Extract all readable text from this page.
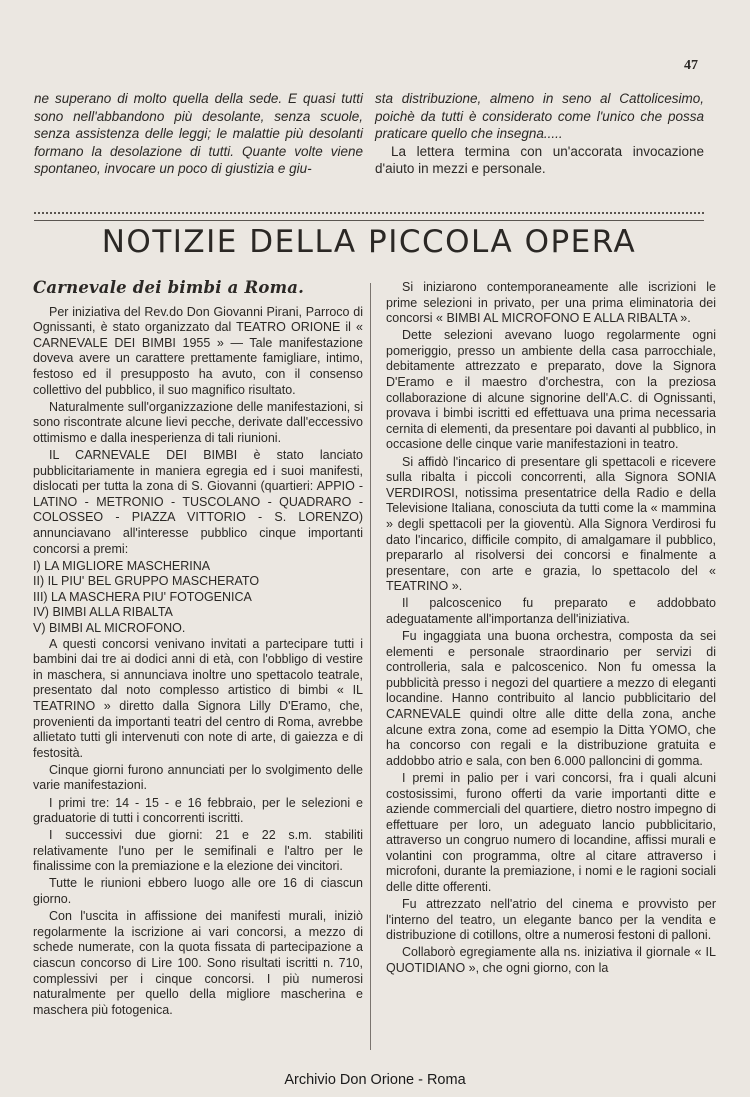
47

ne superano di molto quella della sede. E quasi tutti sono nell'abbandono più desolante, senza scuole, senza assistenza delle leggi; le malattie più desolanti formano la desolazione di tutti. Quante volte viene spontaneo, invocare un poco di giustizia e giu-

sta distribuzione, almeno in seno al Cattolicesimo, poichè da tutti è considerato come l'unico che possa praticare quello che insegna.....

La lettera termina con un'accorata invocazione d'aiuto in mezzi e personale.

NOTIZIE DELLA PICCOLA OPERA
Carnevale dei bimbi a Roma.

Per iniziativa del Rev.do Don Giovanni Pirani, Parroco di Ognissanti, è stato organizzato dal TEATRO ORIONE il « CARNEVALE DEI BIMBI 1955 » — Tale manifestazione doveva avere un carattere prettamente famigliare, intimo, festoso ed il presupposto ha avuto, con il consenso collettivo del pubblico, il suo magnifico risultato.

Naturalmente sull'organizzazione delle manifestazioni, si sono riscontrate alcune lievi pecche, derivate dall'eccessivo ottimismo e dalla inesperienza di tali riunioni.

IL CARNEVALE DEI BIMBI è stato lanciato pubblicitariamente in maniera egregia ed i suoi manifesti, dislocati per tutta la zona di S. Giovanni (quartieri: APPIO - LATINO - METRONIO - TUSCOLANO - QUADRARO - COLOSSEO - PIAZZA VITTORIO - S. LORENZO) annunciavano all'interesse pubblico cinque importanti concorsi a premi:

I) LA MIGLIORE MASCHERINA
II) IL PIU' BEL GRUPPO MASCHERATO
III) LA MASCHERA PIU' FOTOGENICA
IV) BIMBI ALLA RIBALTA
V) BIMBI AL MICROFONO.

A questi concorsi venivano invitati a partecipare tutti i bambini dai tre ai dodici anni di età, con l'obbligo di vestire in maschera, si annunciava inoltre uno spettacolo teatrale, presentato dal noto complesso artistico di bimbi « IL TEATRINO » diretto dalla Signora Lilly D'Eramo, che, provenienti da importanti teatri del centro di Roma, avrebbe allietato tutti gli intervenuti con note di arte, di gaiezza e di festosità.

Cinque giorni furono annunciati per lo svolgimento delle varie manifestazioni.

I primi tre: 14 - 15 - e 16 febbraio, per le selezioni e graduatorie di tutti i concorrenti iscritti.

I successivi due giorni: 21 e 22 s.m. stabiliti relativamente l'uno per le semifinali e l'altro per le finalissime con la premiazione e la elezione dei vincitori.

Tutte le riunioni ebbero luogo alle ore 16 di ciascun giorno.

Con l'uscita in affissione dei manifesti murali, iniziò regolarmente la iscrizione ai vari concorsi, a mezzo di schede numerate, con la quota fissata di partecipazione a ciascun concorso di Lire 100. Sono risultati iscritti n. 710, complessivi per i cinque concorsi. I più numerosi naturalmente per quello della migliore mascherina e maschera più fotogenica.

Si iniziarono contemporaneamente alle iscrizioni le prime selezioni in privato, per una prima eliminatoria dei concorsi « BIMBI AL MICROFONO E ALLA RIBALTA ».

Dette selezioni avevano luogo regolarmente ogni pomeriggio, presso un ambiente della casa parrocchiale, debitamente attrezzato e preparato, dove la Signora D'Eramo e il maestro d'orchestra, con la preziosa collaborazione di alcune signorine dell'A.C. di Ognissanti, provava i bimbi iscritti ed effettuava una prima necessaria cernita di elementi, da presentare poi davanti al pubblico, in occasione delle cinque varie manifestazioni in teatro.

Si affidò l'incarico di presentare gli spettacoli e ricevere sulla ribalta i piccoli concorrenti, alla Signora SONIA VERDIROSI, notissima presentatrice della Radio e della Televisione Italiana, conosciuta da tutti come la « mammina » degli spettacoli per la gioventù. Alla Signora Verdirosi fu dato l'incarico, difficile compito, di amalgamare il pubblico, prepararlo al risolversi dei concorsi e finalmente a presentare, con arte e grazia, lo spettacolo del « TEATRINO ».

Il palcoscenico fu preparato e addobbato adeguatamente all'importanza dell'iniziativa.

Fu ingaggiata una buona orchestra, composta da sei elementi e personale straordinario per servizi di controlleria, sala e palcoscenico. Non fu omessa la pubblicità presso i negozi del quartiere a mezzo di eleganti locandine. Hanno contribuito al lancio pubblicitario del CARNEVALE quindi oltre alle ditte della zona, anche alcune extra zona, come ad esempio la Ditta YOMO, che ha concorso con regali e la distribuzione gratuita e addobbo atrio e sala, con ben 6.000 palloncini di gomma.

I premi in palio per i vari concorsi, fra i quali alcuni costosissimi, furono offerti da varie importanti ditte e aziende commerciali del quartiere, dietro nostro impegno di effettuare per loro, un adeguato lancio pubblicitario, attraverso un congruo numero di locandine, affissi murali e volantini con programma, oltre al citare attraverso i microfoni, durante la premiazione, i nomi e le ragioni sociali delle ditte offerenti.

Fu attrezzato nell'atrio del cinema e provvisto per l'interno del teatro, un elegante banco per la vendita e distribuzione di cotillons, oltre a numerosi festoni di palloni.

Collaborò egregiamente alla ns. iniziativa il giornale « IL QUOTIDIANO », che ogni giorno, con la

Archivio Don Orione - Roma
